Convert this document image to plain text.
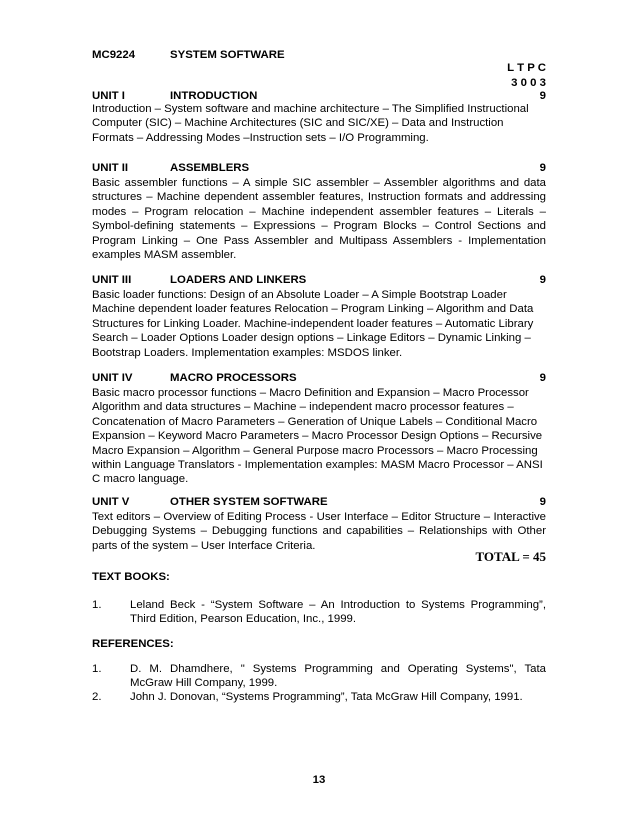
MC9224	SYSTEM SOFTWARE
L T P C
3 0 0 3
UNIT I	INTRODUCTION	9

Introduction – System software and machine architecture – The Simplified Instructional Computer (SIC) – Machine Architectures (SIC and SIC/XE) – Data and Instruction Formats – Addressing Modes –Instruction sets – I/O Programming.

UNIT II	ASSEMBLERS	9

Basic assembler functions – A simple SIC assembler – Assembler algorithms and data structures – Machine dependent assembler features, Instruction formats and addressing modes – Program relocation – Machine independent assembler features – Literals – Symbol-defining statements – Expressions – Program Blocks – Control Sections and Program Linking – One Pass Assembler and Multipass Assemblers - Implementation examples MASM assembler.

UNIT III	LOADERS AND LINKERS	9

Basic loader functions: Design of an Absolute Loader – A Simple Bootstrap Loader Machine dependent loader features Relocation – Program Linking – Algorithm and Data Structures for Linking Loader. Machine-independent loader features – Automatic Library Search – Loader Options Loader design options – Linkage Editors – Dynamic Linking – Bootstrap Loaders. Implementation examples: MSDOS linker.

UNIT IV	MACRO PROCESSORS	9

Basic macro processor functions – Macro Definition and Expansion – Macro Processor Algorithm and data structures – Machine – independent macro processor features – Concatenation of Macro Parameters – Generation of Unique Labels – Conditional Macro Expansion – Keyword Macro Parameters – Macro Processor Design Options – Recursive Macro Expansion – Algorithm – General Purpose macro Processors – Macro Processing within Language Translators - Implementation examples: MASM Macro Processor – ANSI C macro language.

UNIT V	OTHER SYSTEM SOFTWARE	9

Text editors – Overview of Editing Process - User Interface – Editor Structure – Interactive Debugging Systems – Debugging functions and capabilities – Relationships with Other parts of the system – User Interface Criteria.

TOTAL = 45
TEXT BOOKS:
1.	Leland Beck - “System Software – An Introduction to Systems Programming”, Third Edition, Pearson Education, Inc., 1999.

REFERENCES:
1.	D. M. Dhamdhere, " Systems Programming and Operating Systems", Tata McGraw Hill Company, 1999.

2.	John J. Donovan, “Systems Programming”, Tata McGraw Hill Company, 1991.

13
